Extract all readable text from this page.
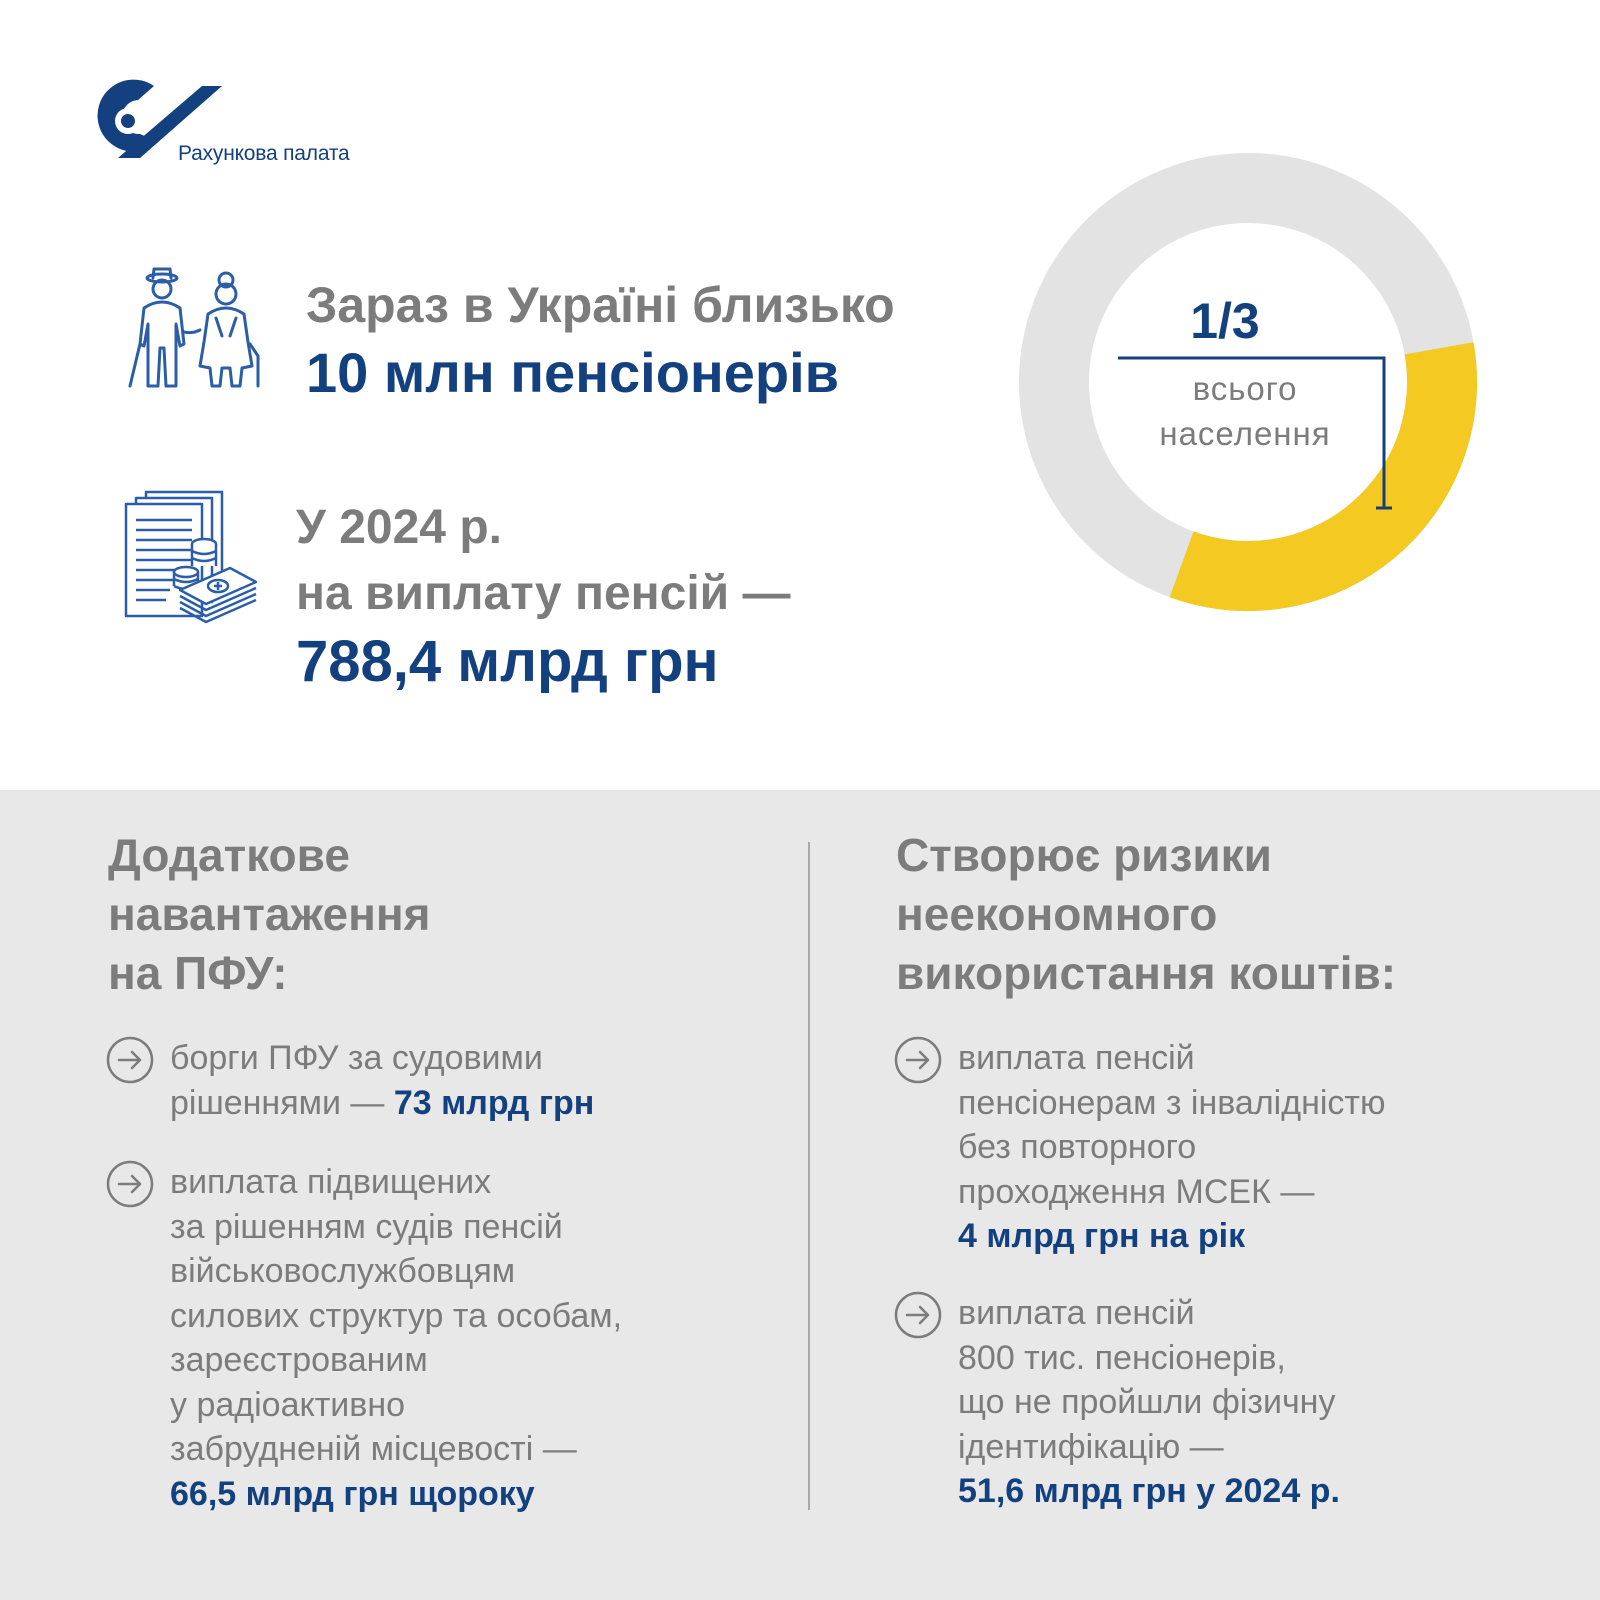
Рахункова палата
Зараз в Україні близько
10 млн пенсіонерів
У 2024 р.
на виплату пенсій —
788,4 млрд грн
1/3
всього
населення
Додаткове
навантаження
на ПФУ:
борги ПФУ за судовими
рішеннями — 73 млрд грн
виплата підвищених
за рішенням судів пенсій
військовослужбовцям
силових структур та особам,
зареєстрованим
у радіоактивно
забрудненій місцевості —
66,5 млрд грн щороку
Створює ризики
неекономного
використання коштів:
виплата пенсій
пенсіонерам з інвалідністю
без повторного
проходження МСЕК —
4 млрд грн на рік
виплата пенсій
800 тис. пенсіонерів,
що не пройшли фізичну
ідентифікацію —
51,6 млрд грн у 2024 р.
